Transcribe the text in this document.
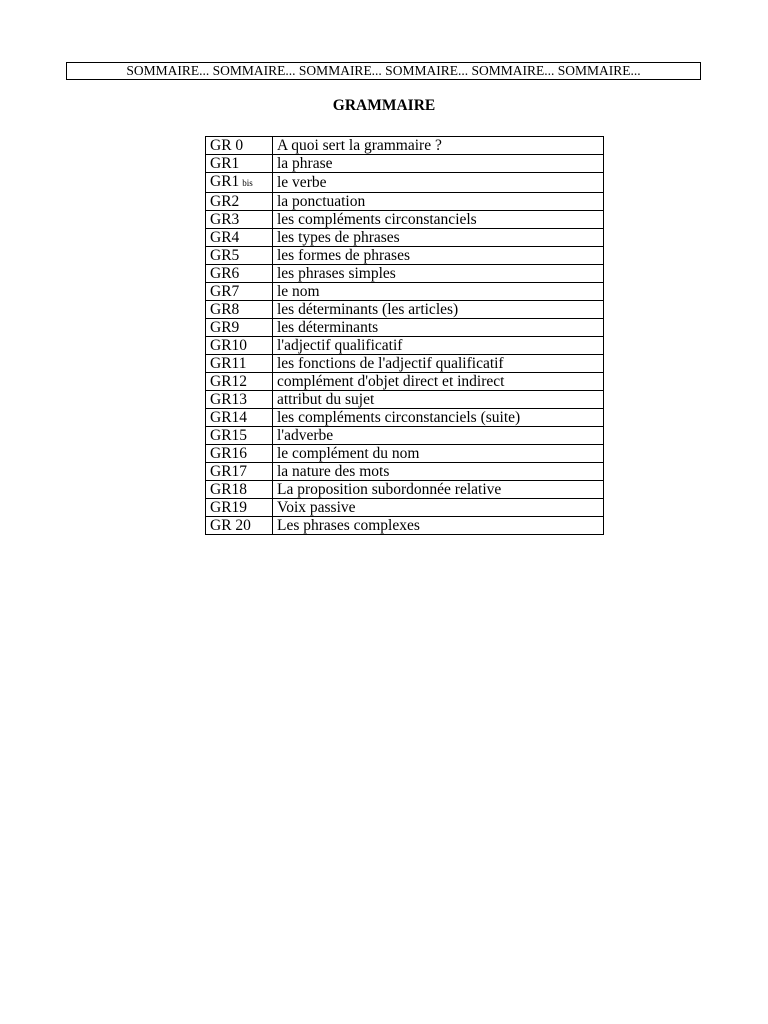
SOMMAIRE... SOMMAIRE... SOMMAIRE... SOMMAIRE... SOMMAIRE... SOMMAIRE...
GRAMMAIRE
GR 0	A quoi sert la grammaire ?
GR1	la phrase
GR1 bis	le verbe
GR2	la ponctuation
GR3	les compléments circonstanciels
GR4	les types de phrases
GR5	les formes de phrases
GR6	les phrases simples
GR7	le nom
GR8	les déterminants (les articles)
GR9	les déterminants
GR10	l'adjectif qualificatif
GR11	les fonctions de l'adjectif qualificatif
GR12	complément d'objet direct et indirect
GR13	attribut du sujet
GR14	les compléments circonstanciels (suite)
GR15	l'adverbe
GR16	le complément du nom
GR17	la nature des mots
GR18	La proposition subordonnée relative
GR19	Voix passive
GR 20	Les phrases complexes
